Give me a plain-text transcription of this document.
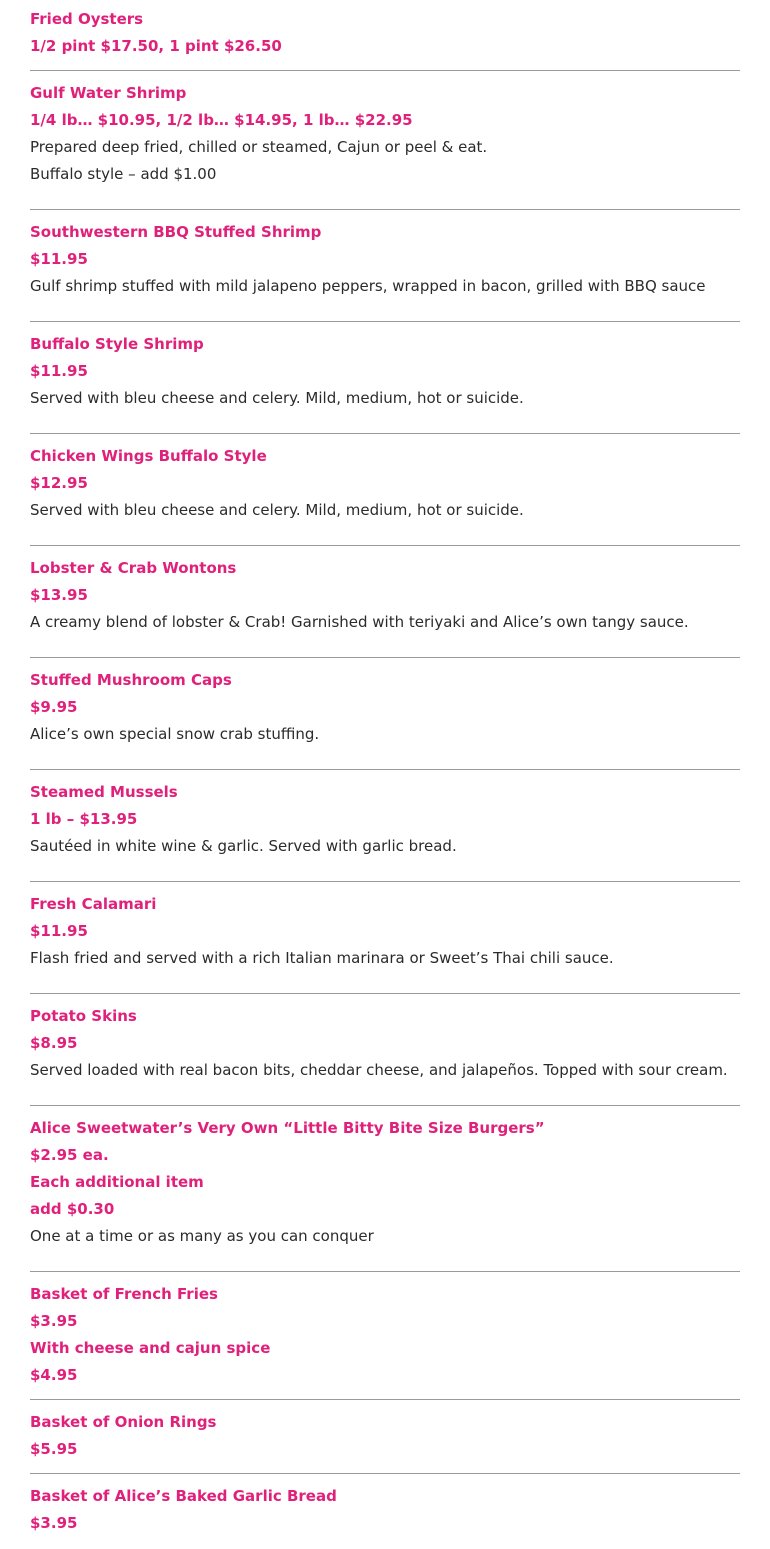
Fried Oysters
1/2 pint $17.50, 1 pint $26.50
Gulf Water Shrimp
1/4 lb… $10.95, 1/2 lb… $14.95, 1 lb… $22.95
Prepared deep fried, chilled or steamed, Cajun or peel & eat.
Buffalo style – add $1.00
Southwestern BBQ Stuffed Shrimp
$11.95
Gulf shrimp stuffed with mild jalapeno peppers, wrapped in bacon, grilled with BBQ sauce
Buffalo Style Shrimp
$11.95
Served with bleu cheese and celery. Mild, medium, hot or suicide.
Chicken Wings Buffalo Style
$12.95
Served with bleu cheese and celery. Mild, medium, hot or suicide.
Lobster & Crab Wontons
$13.95
A creamy blend of lobster & Crab! Garnished with teriyaki and Alice’s own tangy sauce.
Stuffed Mushroom Caps
$9.95
Alice’s own special snow crab stuffing.
Steamed Mussels
1 lb – $13.95
Sautéed in white wine & garlic. Served with garlic bread.
Fresh Calamari
$11.95
Flash fried and served with a rich Italian marinara or Sweet’s Thai chili sauce.
Potato Skins
$8.95
Served loaded with real bacon bits, cheddar cheese, and jalapeños. Topped with sour cream.
Alice Sweetwater’s Very Own “Little Bitty Bite Size Burgers”
$2.95 ea.
Each additional item
add $0.30
One at a time or as many as you can conquer
Basket of French Fries
$3.95
With cheese and cajun spice
$4.95
Basket of Onion Rings
$5.95
Basket of Alice’s Baked Garlic Bread
$3.95
